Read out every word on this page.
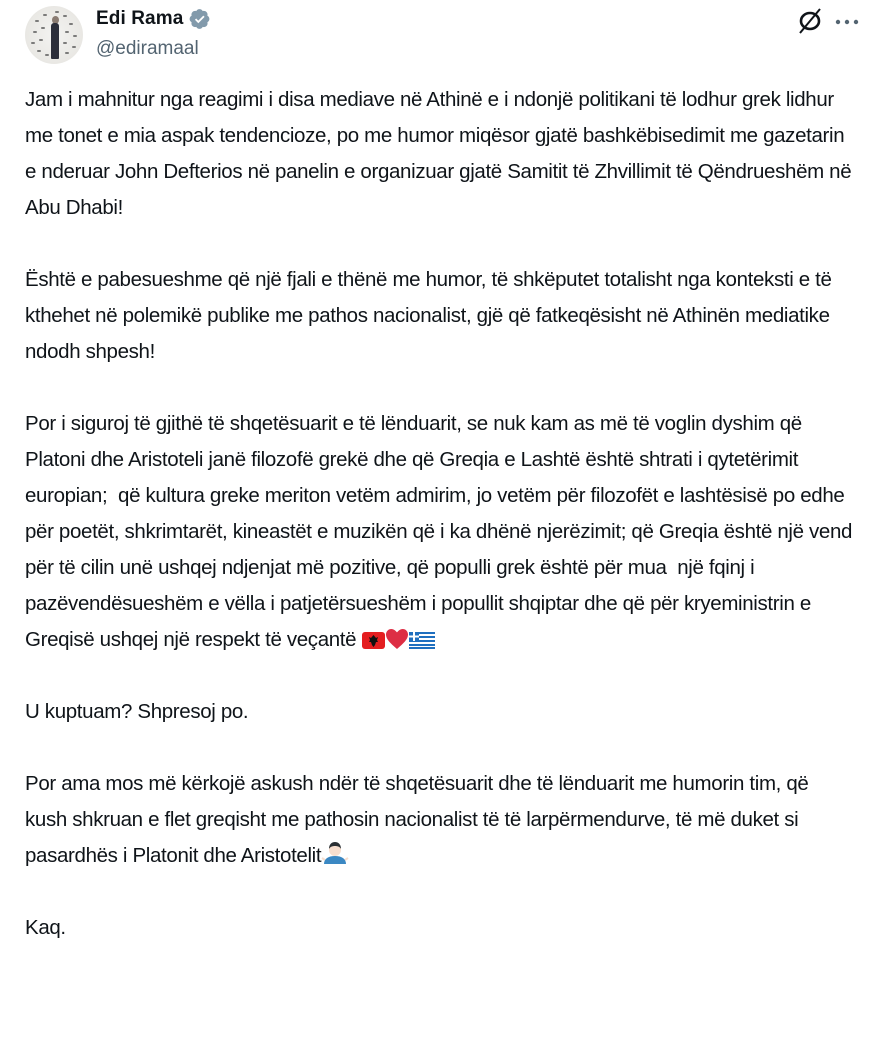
Edi Rama
@ediramaal

Jam i mahnitur nga reagimi i disa mediave në Athinë e i ndonjë politikani të lodhur grek lidhur me tonet e mia aspak tendencioze, po me humor miqësor gjatë bashkëbisedimit me gazetarin e nderuar John Defterios në panelin e organizuar gjatë Samitit të Zhvillimit të Qëndrueshëm në Abu Dhabi!

Është e pabesueshme që një fjali e thënë me humor, të shkëputet totalisht nga konteksti e të kthehet në polemikë publike me pathos nacionalist, gjë që fatkeqësisht në Athinën mediatike ndodh shpesh!

Por i siguroj të gjithë të shqetësuarit e të lënduarit, se nuk kam as më të voglin dyshim që Platoni dhe Aristoteli janë filozofë grekë dhe që Greqia e Lashtë është shtrati i qytetërimit europian;  që kultura greke meriton vetëm admirim, jo vetëm për filozofët e lashtësisë po edhe për poetët, shkrimtarët, kineastët e muzikën që i ka dhënë njerëzimit; që Greqia është një vend për të cilin unë ushqej ndjenjat më pozitive, që populli grek është për mua  një fqinj i pazëvendësueshëm e vëlla i patjetërsueshëm i popullit shqiptar dhe që për kryeministrin e Greqisë ushqej një respekt të veçantë

U kuptuam? Shpresoj po.

Por ama mos më kërkojë askush ndër të shqetësuarit dhe të lënduarit me humorin tim, që kush shkruan e flet greqisht me pathosin nacionalist të të larpërmendurve, të më duket si pasardhës i Platonit dhe Aristotelit

Kaq.
